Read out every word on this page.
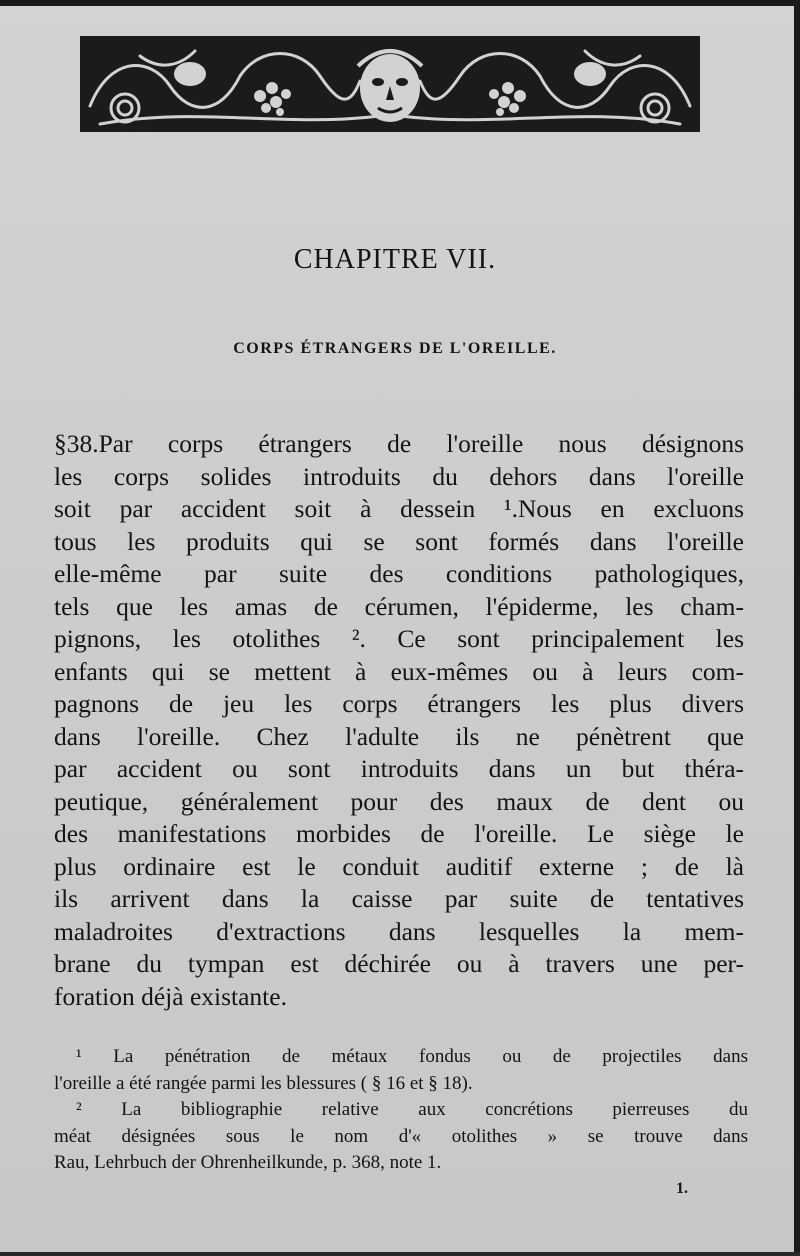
Td MATÉOR
CHAPITRE VII.
CORPS ÉTRANGERS DE L'OREILLE.
§38.Par corps étrangers de l'oreille nous désignons
les corps solides introduits du dehors dans l'oreille
soit par accident soit à dessein ¹.Nous en excluons
tous les produits qui se sont formés dans l'oreille
elle-même par suite des conditions pathologiques,
tels que les amas de cérumen, l'épiderme, les cham-
pignons, les otolithes ². Ce sont principalement les
enfants qui se mettent à eux-mêmes ou à leurs com-
pagnons de jeu les corps étrangers les plus divers
dans l'oreille. Chez l'adulte ils ne pénètrent que
par accident ou sont introduits dans un but théra-
peutique, généralement pour des maux de dent ou
des manifestations morbides de l'oreille. Le siège le
plus ordinaire est le conduit auditif externe ; de là
ils arrivent dans la caisse par suite de tentatives
maladroites d'extractions dans lesquelles la mem-
brane du tympan est déchirée ou à travers une per-
foration déjà existante.
¹ La pénétration de métaux fondus ou de projectiles dans
l'oreille a été rangée parmi les blessures ( § 16 et § 18).
² La bibliographie relative aux concrétions pierreuses du
méat désignées sous le nom d'« otolithes » se trouve dans
Rau, Lehrbuch der Ohrenheilkunde, p. 368, note 1.
1.
